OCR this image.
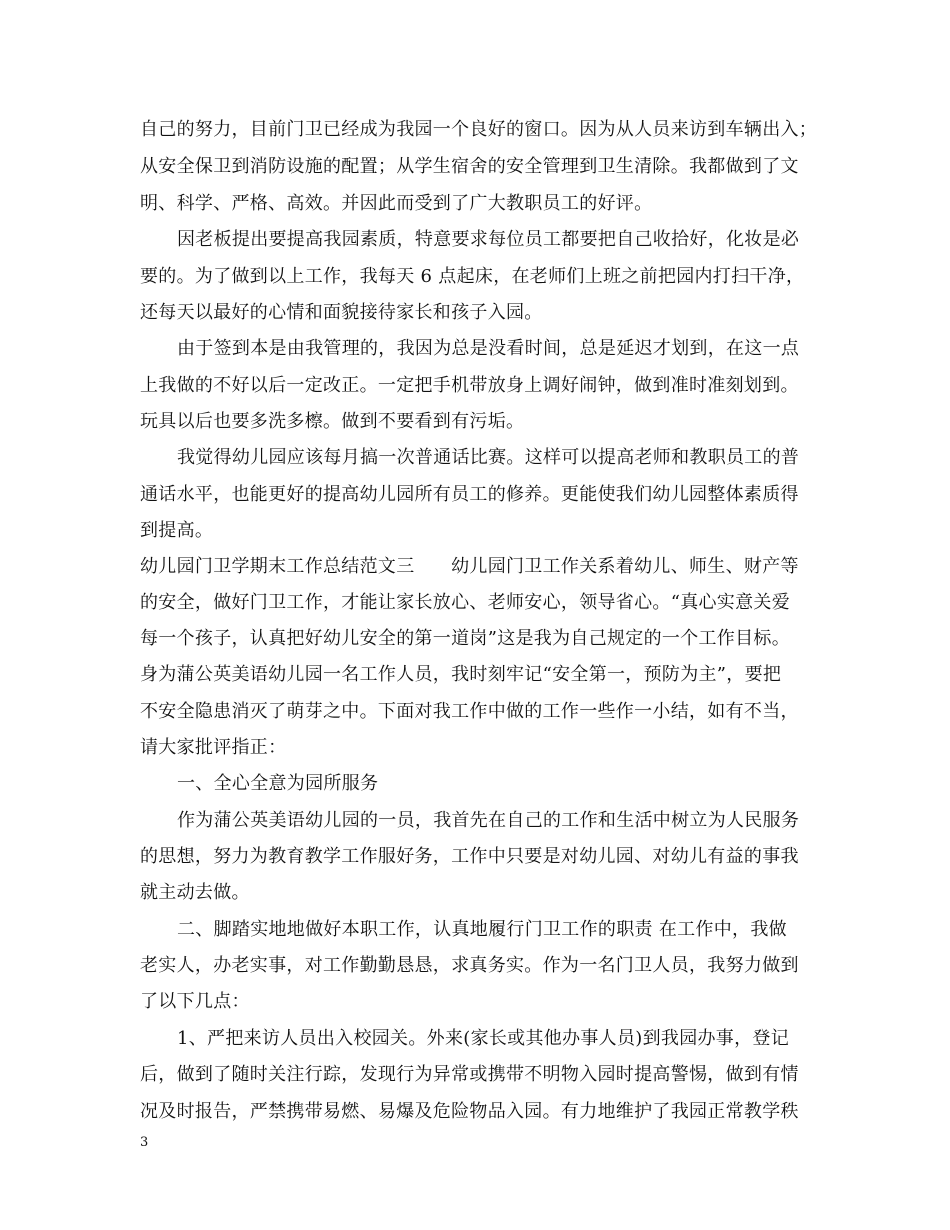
自己的努力，目前门卫已经成为我园一个良好的窗口。因为从人员来访到车辆出入；
从安全保卫到消防设施的配置；从学生宿舍的安全管理到卫生清除。我都做到了文
明、科学、严格、高效。并因此而受到了广大教职员工的好评。
因老板提出要提高我园素质，特意要求每位员工都要把自己收拾好，化妆是必
要的。为了做到以上工作，我每天 6 点起床，在老师们上班之前把园内打扫干净，
还每天以最好的心情和面貌接待家长和孩子入园。
由于签到本是由我管理的，我因为总是没看时间，总是延迟才划到，在这一点
上我做的不好以后一定改正。一定把手机带放身上调好闹钟，做到准时准刻划到。
玩具以后也要多洗多檫。做到不要看到有污垢。
我觉得幼儿园应该每月搞一次普通话比赛。这样可以提高老师和教职员工的普
通话水平，也能更好的提高幼儿园所有员工的修养。更能使我们幼儿园整体素质得
到提高。
幼儿园门卫学期末工作总结范文三　　幼儿园门卫工作关系着幼儿、师生、财产等
的安全，做好门卫工作，才能让家长放心、老师安心，领导省心。“真心实意关爱
每一个孩子，认真把好幼儿安全的第一道岗”这是我为自己规定的一个工作目标。
身为蒲公英美语幼儿园一名工作人员，我时刻牢记“安全第一，预防为主”，要把
不安全隐患消灭了萌芽之中。下面对我工作中做的工作一些作一小结，如有不当，
请大家批评指正：
一、全心全意为园所服务
作为蒲公英美语幼儿园的一员，我首先在自己的工作和生活中树立为人民服务
的思想，努力为教育教学工作服好务，工作中只要是对幼儿园、对幼儿有益的事我
就主动去做。
二、脚踏实地地做好本职工作，认真地履行门卫工作的职责 在工作中，我做
老实人，办老实事，对工作勤勤恳恳，求真务实。作为一名门卫人员，我努力做到
了以下几点：
1、严把来访人员出入校园关。外来(家长或其他办事人员)到我园办事，登记
后，做到了随时关注行踪，发现行为异常或携带不明物入园时提高警惕，做到有情
况及时报告，严禁携带易燃、易爆及危险物品入园。有力地维护了我园正常教学秩
3
